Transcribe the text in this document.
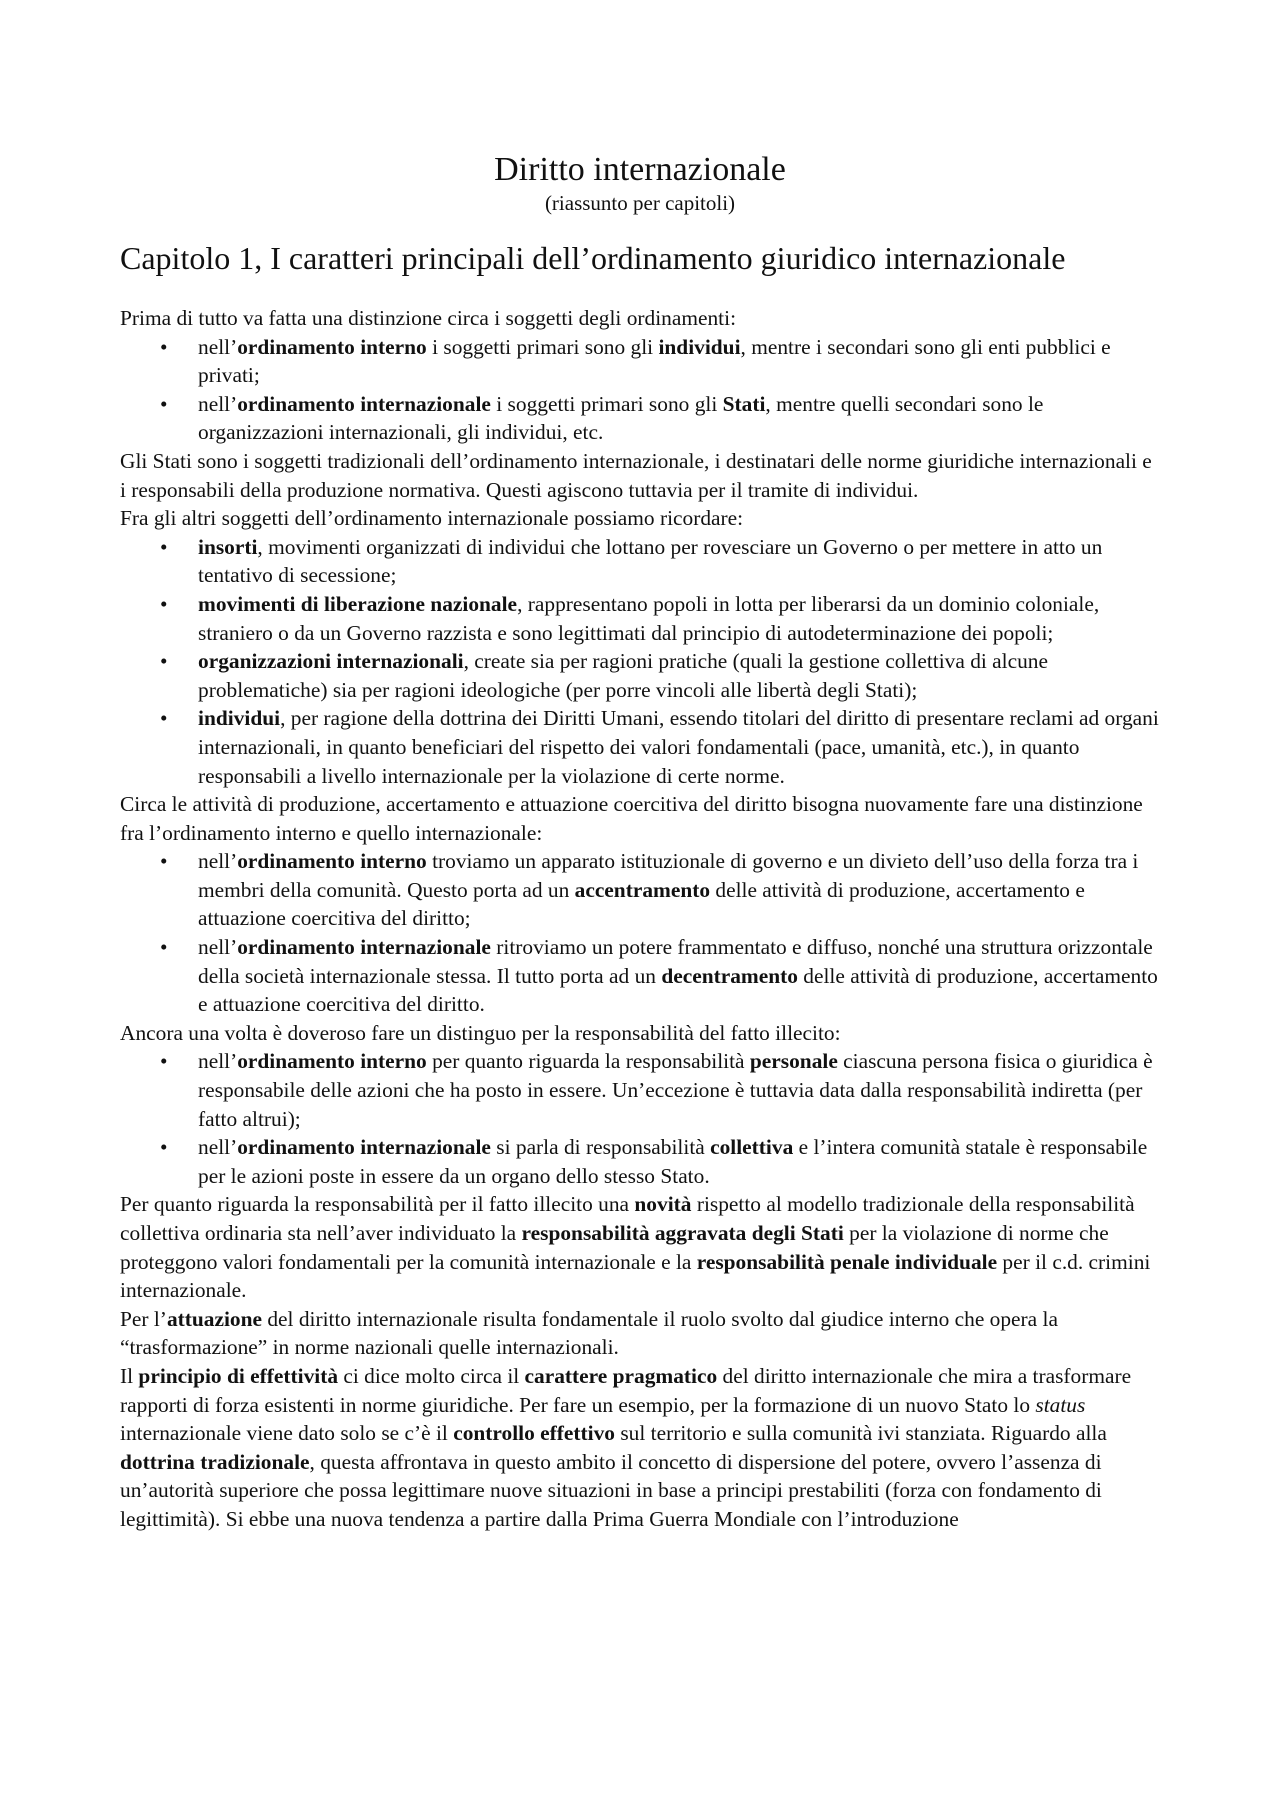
Diritto internazionale
(riassunto per capitoli)
Capitolo 1, I caratteri principali dell’ordinamento giuridico internazionale

Prima di tutto va fatta una distinzione circa i soggetti degli ordinamenti:

• nell’ordinamento interno i soggetti primari sono gli individui, mentre i secondari sono gli enti pubblici e privati;
• nell’ordinamento internazionale i soggetti primari sono gli Stati, mentre quelli secondari sono le organizzazioni internazionali, gli individui, etc.

Gli Stati sono i soggetti tradizionali dell’ordinamento internazionale, i destinatari delle norme giuridiche internazionali e i responsabili della produzione normativa. Questi agiscono tuttavia per il tramite di individui.

Fra gli altri soggetti dell’ordinamento internazionale possiamo ricordare:

• insorti, movimenti organizzati di individui che lottano per rovesciare un Governo o per mettere in atto un tentativo di secessione;
• movimenti di liberazione nazionale, rappresentano popoli in lotta per liberarsi da un dominio coloniale, straniero o da un Governo razzista e sono legittimati dal principio di autodeterminazione dei popoli;
• organizzazioni internazionali, create sia per ragioni pratiche (quali la gestione collettiva di alcune problematiche) sia per ragioni ideologiche (per porre vincoli alle libertà degli Stati);
• individui, per ragione della dottrina dei Diritti Umani, essendo titolari del diritto di presentare reclami ad organi internazionali, in quanto beneficiari del rispetto dei valori fondamentali (pace, umanità, etc.), in quanto responsabili a livello internazionale per la violazione di certe norme.

Circa le attività di produzione, accertamento e attuazione coercitiva del diritto bisogna nuovamente fare una distinzione fra l’ordinamento interno e quello internazionale:

• nell’ordinamento interno troviamo un apparato istituzionale di governo e un divieto dell’uso della forza tra i membri della comunità. Questo porta ad un accentramento delle attività di produzione, accertamento e attuazione coercitiva del diritto;
• nell’ordinamento internazionale ritroviamo un potere frammentato e diffuso, nonché una struttura orizzontale della società internazionale stessa. Il tutto porta ad un decentramento delle attività di produzione, accertamento e attuazione coercitiva del diritto.

Ancora una volta è doveroso fare un distinguo per la responsabilità del fatto illecito:

• nell’ordinamento interno per quanto riguarda la responsabilità personale ciascuna persona fisica o giuridica è responsabile delle azioni che ha posto in essere. Un’eccezione è tuttavia data dalla responsabilità indiretta (per fatto altrui);
• nell’ordinamento internazionale si parla di responsabilità collettiva e l’intera comunità statale è responsabile per le azioni poste in essere da un organo dello stesso Stato.

Per quanto riguarda la responsabilità per il fatto illecito una novità rispetto al modello tradizionale della responsabilità collettiva ordinaria sta nell’aver individuato la responsabilità aggravata degli Stati per la violazione di norme che proteggono valori fondamentali per la comunità internazionale e la responsabilità penale individuale per il c.d. crimini internazionale.

Per l’attuazione del diritto internazionale risulta fondamentale il ruolo svolto dal giudice interno che opera la “trasformazione” in norme nazionali quelle internazionali.

Il principio di effettività ci dice molto circa il carattere pragmatico del diritto internazionale che mira a trasformare rapporti di forza esistenti in norme giuridiche. Per fare un esempio, per la formazione di un nuovo Stato lo status internazionale viene dato solo se c’è il controllo effettivo sul territorio e sulla comunità ivi stanziata. Riguardo alla dottrina tradizionale, questa affrontava in questo ambito il concetto di dispersione del potere, ovvero l’assenza di un’autorità superiore che possa legittimare nuove situazioni in base a principi prestabiliti (forza con fondamento di legittimità). Si ebbe una nuova tendenza a partire dalla Prima Guerra Mondiale con l’introduzione
